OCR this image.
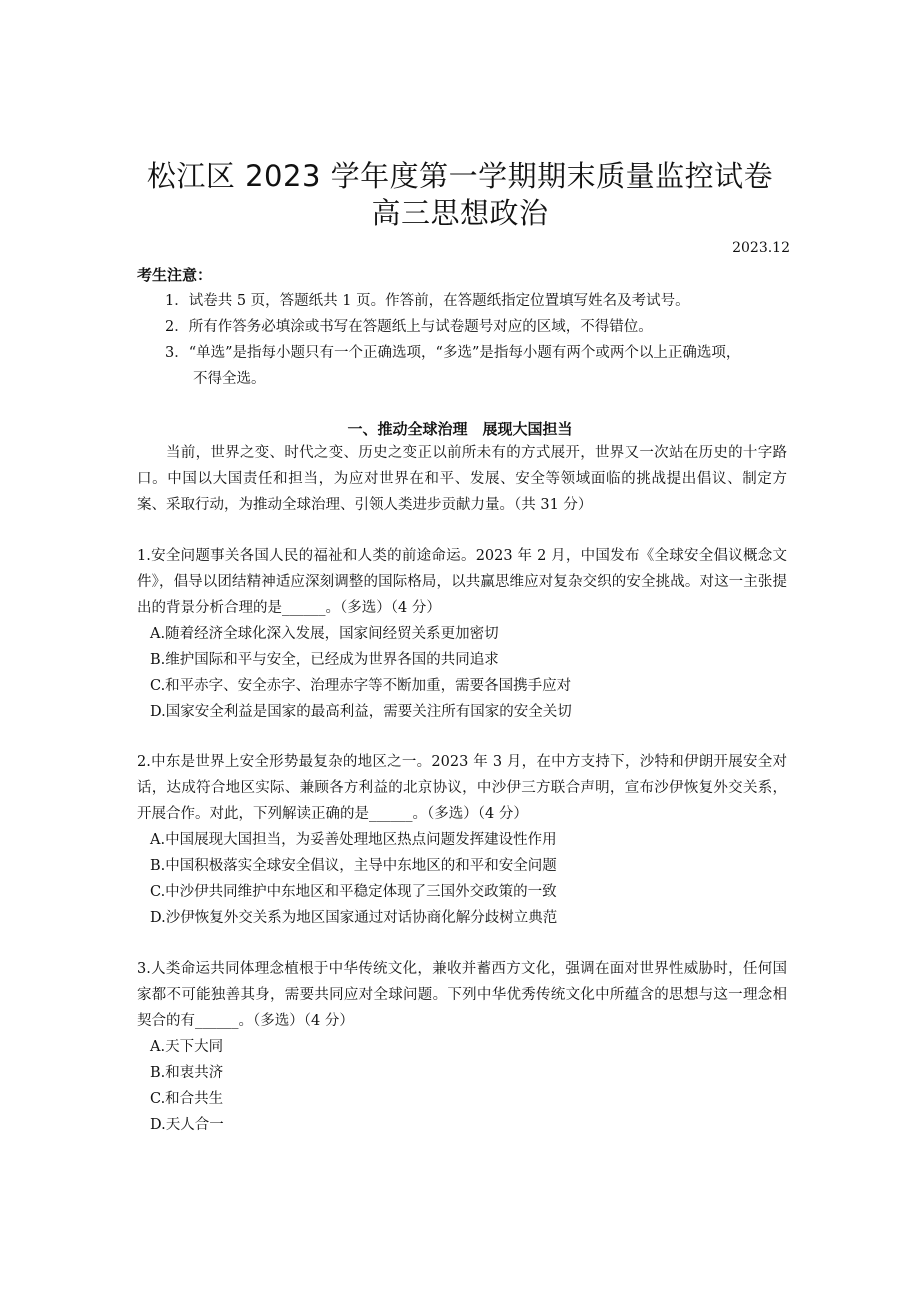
松江区 2023 学年度第一学期期末质量监控试卷
高三思想政治
2023.12
考生注意：
1．试卷共 5 页，答题纸共 1 页。作答前，在答题纸指定位置填写姓名及考试号。
2．所有作答务必填涂或书写在答题纸上与试卷题号对应的区域，不得错位。
3．“单选”是指每小题只有一个正确选项，“多选”是指每小题有两个或两个以上正确选项，
不得全选。
一、推动全球治理　展现大国担当
当前，世界之变、时代之变、历史之变正以前所未有的方式展开，世界又一次站在历史的十字路口。中国以大国责任和担当，为应对世界在和平、发展、安全等领域面临的挑战提出倡议、制定方案、采取行动，为推动全球治理、引领人类进步贡献力量。（共 31 分）
1.安全问题事关各国人民的福祉和人类的前途命运。2023 年 2 月，中国发布《全球安全倡议概念文件》，倡导以团结精神适应深刻调整的国际格局，以共赢思维应对复杂交织的安全挑战。对这一主张提出的背景分析合理的是______。（多选）（4 分）
A.随着经济全球化深入发展，国家间经贸关系更加密切
B.维护国际和平与安全，已经成为世界各国的共同追求
C.和平赤字、安全赤字、治理赤字等不断加重，需要各国携手应对
D.国家安全利益是国家的最高利益，需要关注所有国家的安全关切
2.中东是世界上安全形势最复杂的地区之一。2023 年 3 月，在中方支持下，沙特和伊朗开展安全对话，达成符合地区实际、兼顾各方利益的北京协议，中沙伊三方联合声明，宣布沙伊恢复外交关系，开展合作。对此，下列解读正确的是______。（多选）（4 分）
A.中国展现大国担当，为妥善处理地区热点问题发挥建设性作用
B.中国积极落实全球安全倡议，主导中东地区的和平和安全问题
C.中沙伊共同维护中东地区和平稳定体现了三国外交政策的一致
D.沙伊恢复外交关系为地区国家通过对话协商化解分歧树立典范
3.人类命运共同体理念植根于中华传统文化，兼收并蓄西方文化，强调在面对世界性威胁时，任何国家都不可能独善其身，需要共同应对全球问题。下列中华优秀传统文化中所蕴含的思想与这一理念相契合的有______。（多选）（4 分）
A.天下大同
B.和衷共济
C.和合共生
D.天人合一
